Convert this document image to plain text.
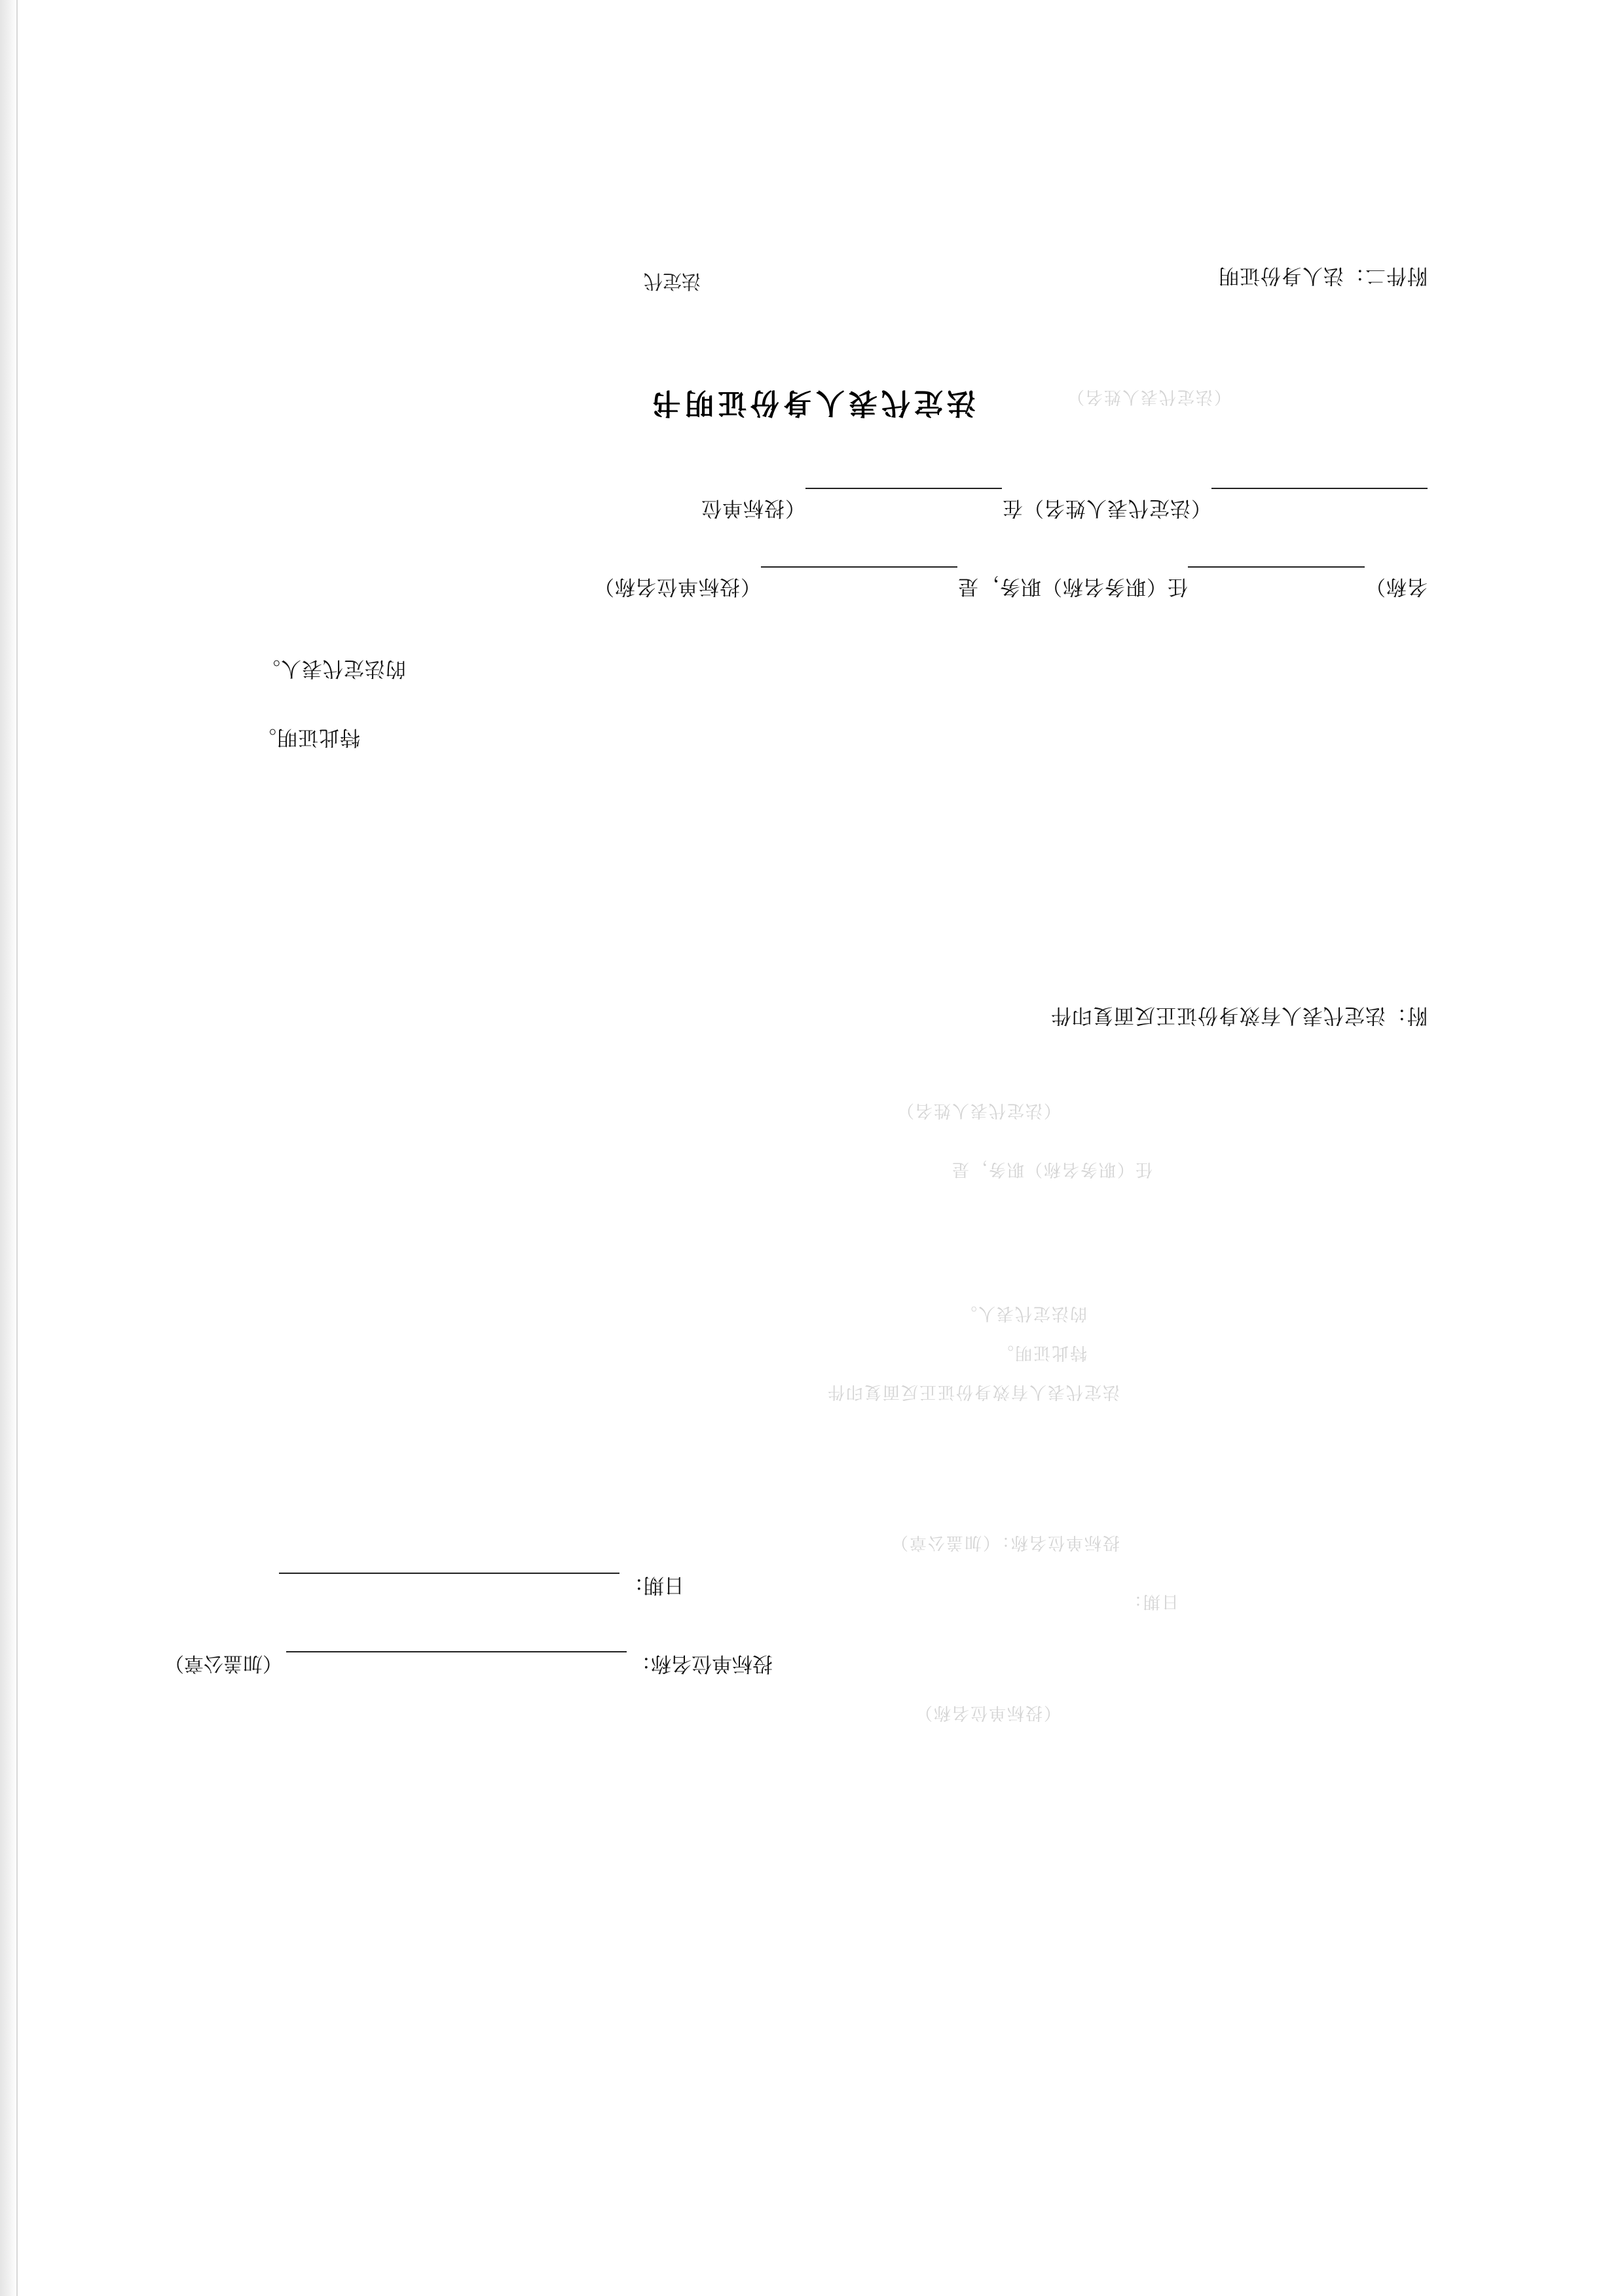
附件二：法人身份证明
法定代
法定代表人身份证明书
（法定代表人姓名）在（投标单位
名称）任（职务名称）职务，是（投标单位名称）
的法定代表人。
特此证明。
附：法定代表人有效身份证正反面复印件
（法定代表人姓名）
任（职务名称）职务，是
的法定代表人。
特此证明。
法定代表人有效身份证正反面复印件
投标单位名称：（加盖公章）
日期：
（投标单位名称）
（法定代表人姓名）
投标单位名称：（加盖公章）
日期：
